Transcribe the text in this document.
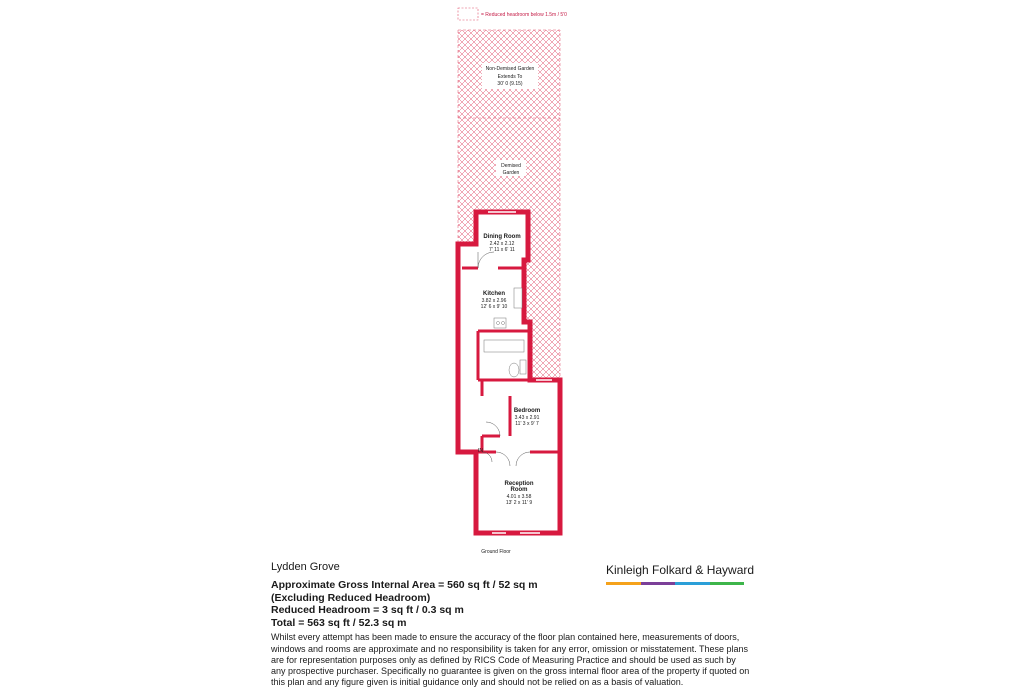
= Reduced headroom below 1.5m / 5'0
Non-Demised Garden
Extends To
30' 0 (9.15)
Demised
Garden
Dining Room
2.42 x 2.12
7' 11 x 6' 11
Kitchen
3.82 x 2.96
12' 6 x 9' 10
Bedroom
3.43 x 2.91
11' 3 x 9' 7
Reception
Room
4.01 x 3.58
13' 2 x 11' 9
IN
Ground Floor
Lydden Grove
Approximate Gross Internal Area = 560 sq ft / 52 sq m
(Excluding Reduced Headroom)
Reduced Headroom = 3 sq ft / 0.3 sq m
Total = 563 sq ft / 52.3 sq m
Whilst every attempt has been made to ensure the accuracy of the floor plan contained here, measurements of doors, windows and rooms are approximate and no responsibility is taken for any error, omission or misstatement. These plans are for representation purposes only as defined by RICS Code of Measuring Practice and should be used as such by any prospective purchaser. Specifically no guarantee is given on the gross internal floor area of the property if quoted on this plan and any figure given is initial guidance only and should not be relied on as a basis of valuation.
Kinleigh Folkard & Hayward
